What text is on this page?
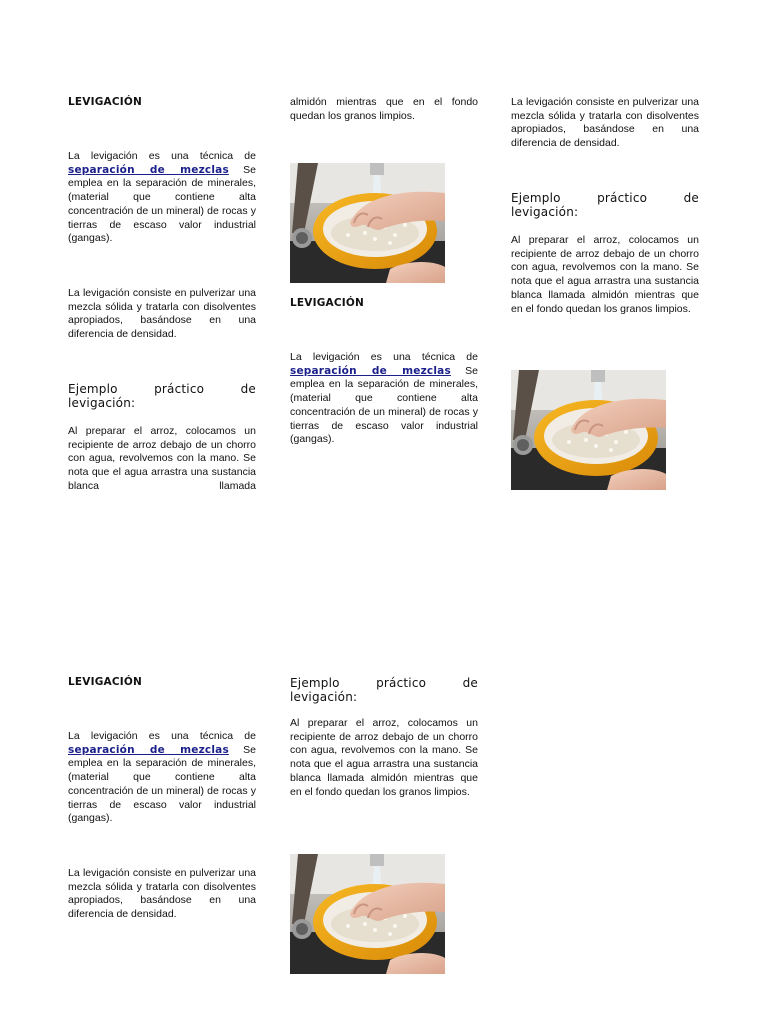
LEVIGACIÓN

La levigación es una técnica de separación de mezclas Se emplea en la separación de minerales, (material que contiene alta concentración de un mineral) de rocas y tierras de escaso valor industrial (gangas).

La levigación consiste en pulverizar una mezcla sólida y tratarla con disolventes apropiados, basándose en una diferencia de densidad.

Ejemplo	práctico	de
levigación:

Al preparar el arroz, colocamos un recipiente de arroz debajo de un chorro con agua, revolvemos con la mano. Se nota que el agua arrastra una sustancia blanca llamada

almidón mientras que en el fondo quedan los granos limpios.

LEVIGACIÓN

La levigación es una técnica de separación de mezclas Se emplea en la separación de minerales, (material que contiene alta concentración de un mineral) de rocas y tierras de escaso valor industrial (gangas).

La levigación consiste en pulverizar una mezcla sólida y tratarla con disolventes apropiados, basándose en una diferencia de densidad.

Ejemplo	práctico	de
levigación:

Al preparar el arroz, colocamos un recipiente de arroz debajo de un chorro con agua, revolvemos con la mano. Se nota que el agua arrastra una sustancia blanca llamada almidón mientras que en el fondo quedan los granos limpios.

LEVIGACIÓN

La levigación es una técnica de separación de mezclas Se emplea en la separación de minerales, (material que contiene alta concentración de un mineral) de rocas y tierras de escaso valor industrial (gangas).

La levigación consiste en pulverizar una mezcla sólida y tratarla con disolventes apropiados, basándose en una diferencia de densidad.

Ejemplo	práctico	de
levigación:

Al preparar el arroz, colocamos un recipiente de arroz debajo de un chorro con agua, revolvemos con la mano. Se nota que el agua arrastra una sustancia blanca llamada almidón mientras que en el fondo quedan los granos limpios.
